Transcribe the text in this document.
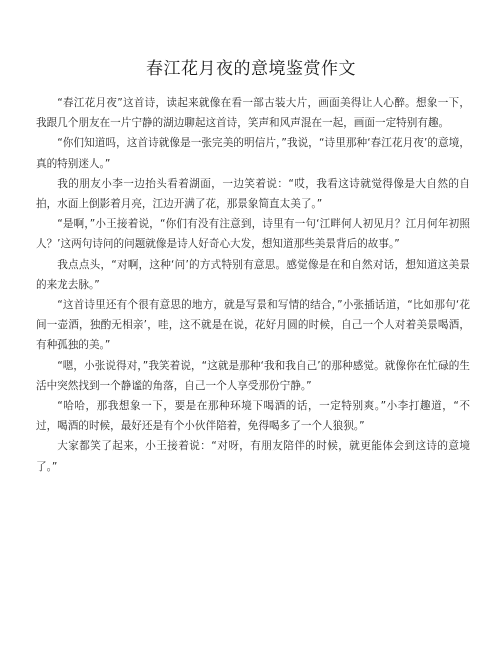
春江花月夜的意境鉴赏作文

“春江花月夜”这首诗，读起来就像在看一部古装大片，画面美得让人心醉。想象一下，我跟几个朋友在一片宁静的湖边聊起这首诗，笑声和风声混在一起，画面一定特别有趣。

“你们知道吗，这首诗就像是一张完美的明信片，”我说，“诗里那种‘春江花月夜’的意境，真的特别迷人。”

我的朋友小李一边抬头看着湖面，一边笑着说：“哎，我看这诗就觉得像是大自然的自拍，水面上倒影着月亮，江边开满了花，那景象简直太美了。”

“是啊，”小王接着说，“你们有没有注意到，诗里有一句‘江畔何人初见月？江月何年初照人？’这两句诗问的问题就像是诗人好奇心大发，想知道那些美景背后的故事。”

我点点头，“对啊，这种‘问’的方式特别有意思。感觉像是在和自然对话，想知道这美景的来龙去脉。”

“这首诗里还有个很有意思的地方，就是写景和写情的结合，”小张插话道，“比如那句‘花间一壶酒，独酌无相亲’，哇，这不就是在说，花好月圆的时候，自己一个人对着美景喝酒，有种孤独的美。”

“嗯，小张说得对，”我笑着说，“这就是那种‘我和我自己’的那种感觉。就像你在忙碌的生活中突然找到一个静谧的角落，自己一个人享受那份宁静。”

“哈哈，那我想象一下，要是在那种环境下喝酒的话，一定特别爽。”小李打趣道，“不过，喝酒的时候，最好还是有个小伙伴陪着，免得喝多了一个人狼狈。”

大家都笑了起来，小王接着说：“对呀，有朋友陪伴的时候，就更能体会到这诗的意境了。”
